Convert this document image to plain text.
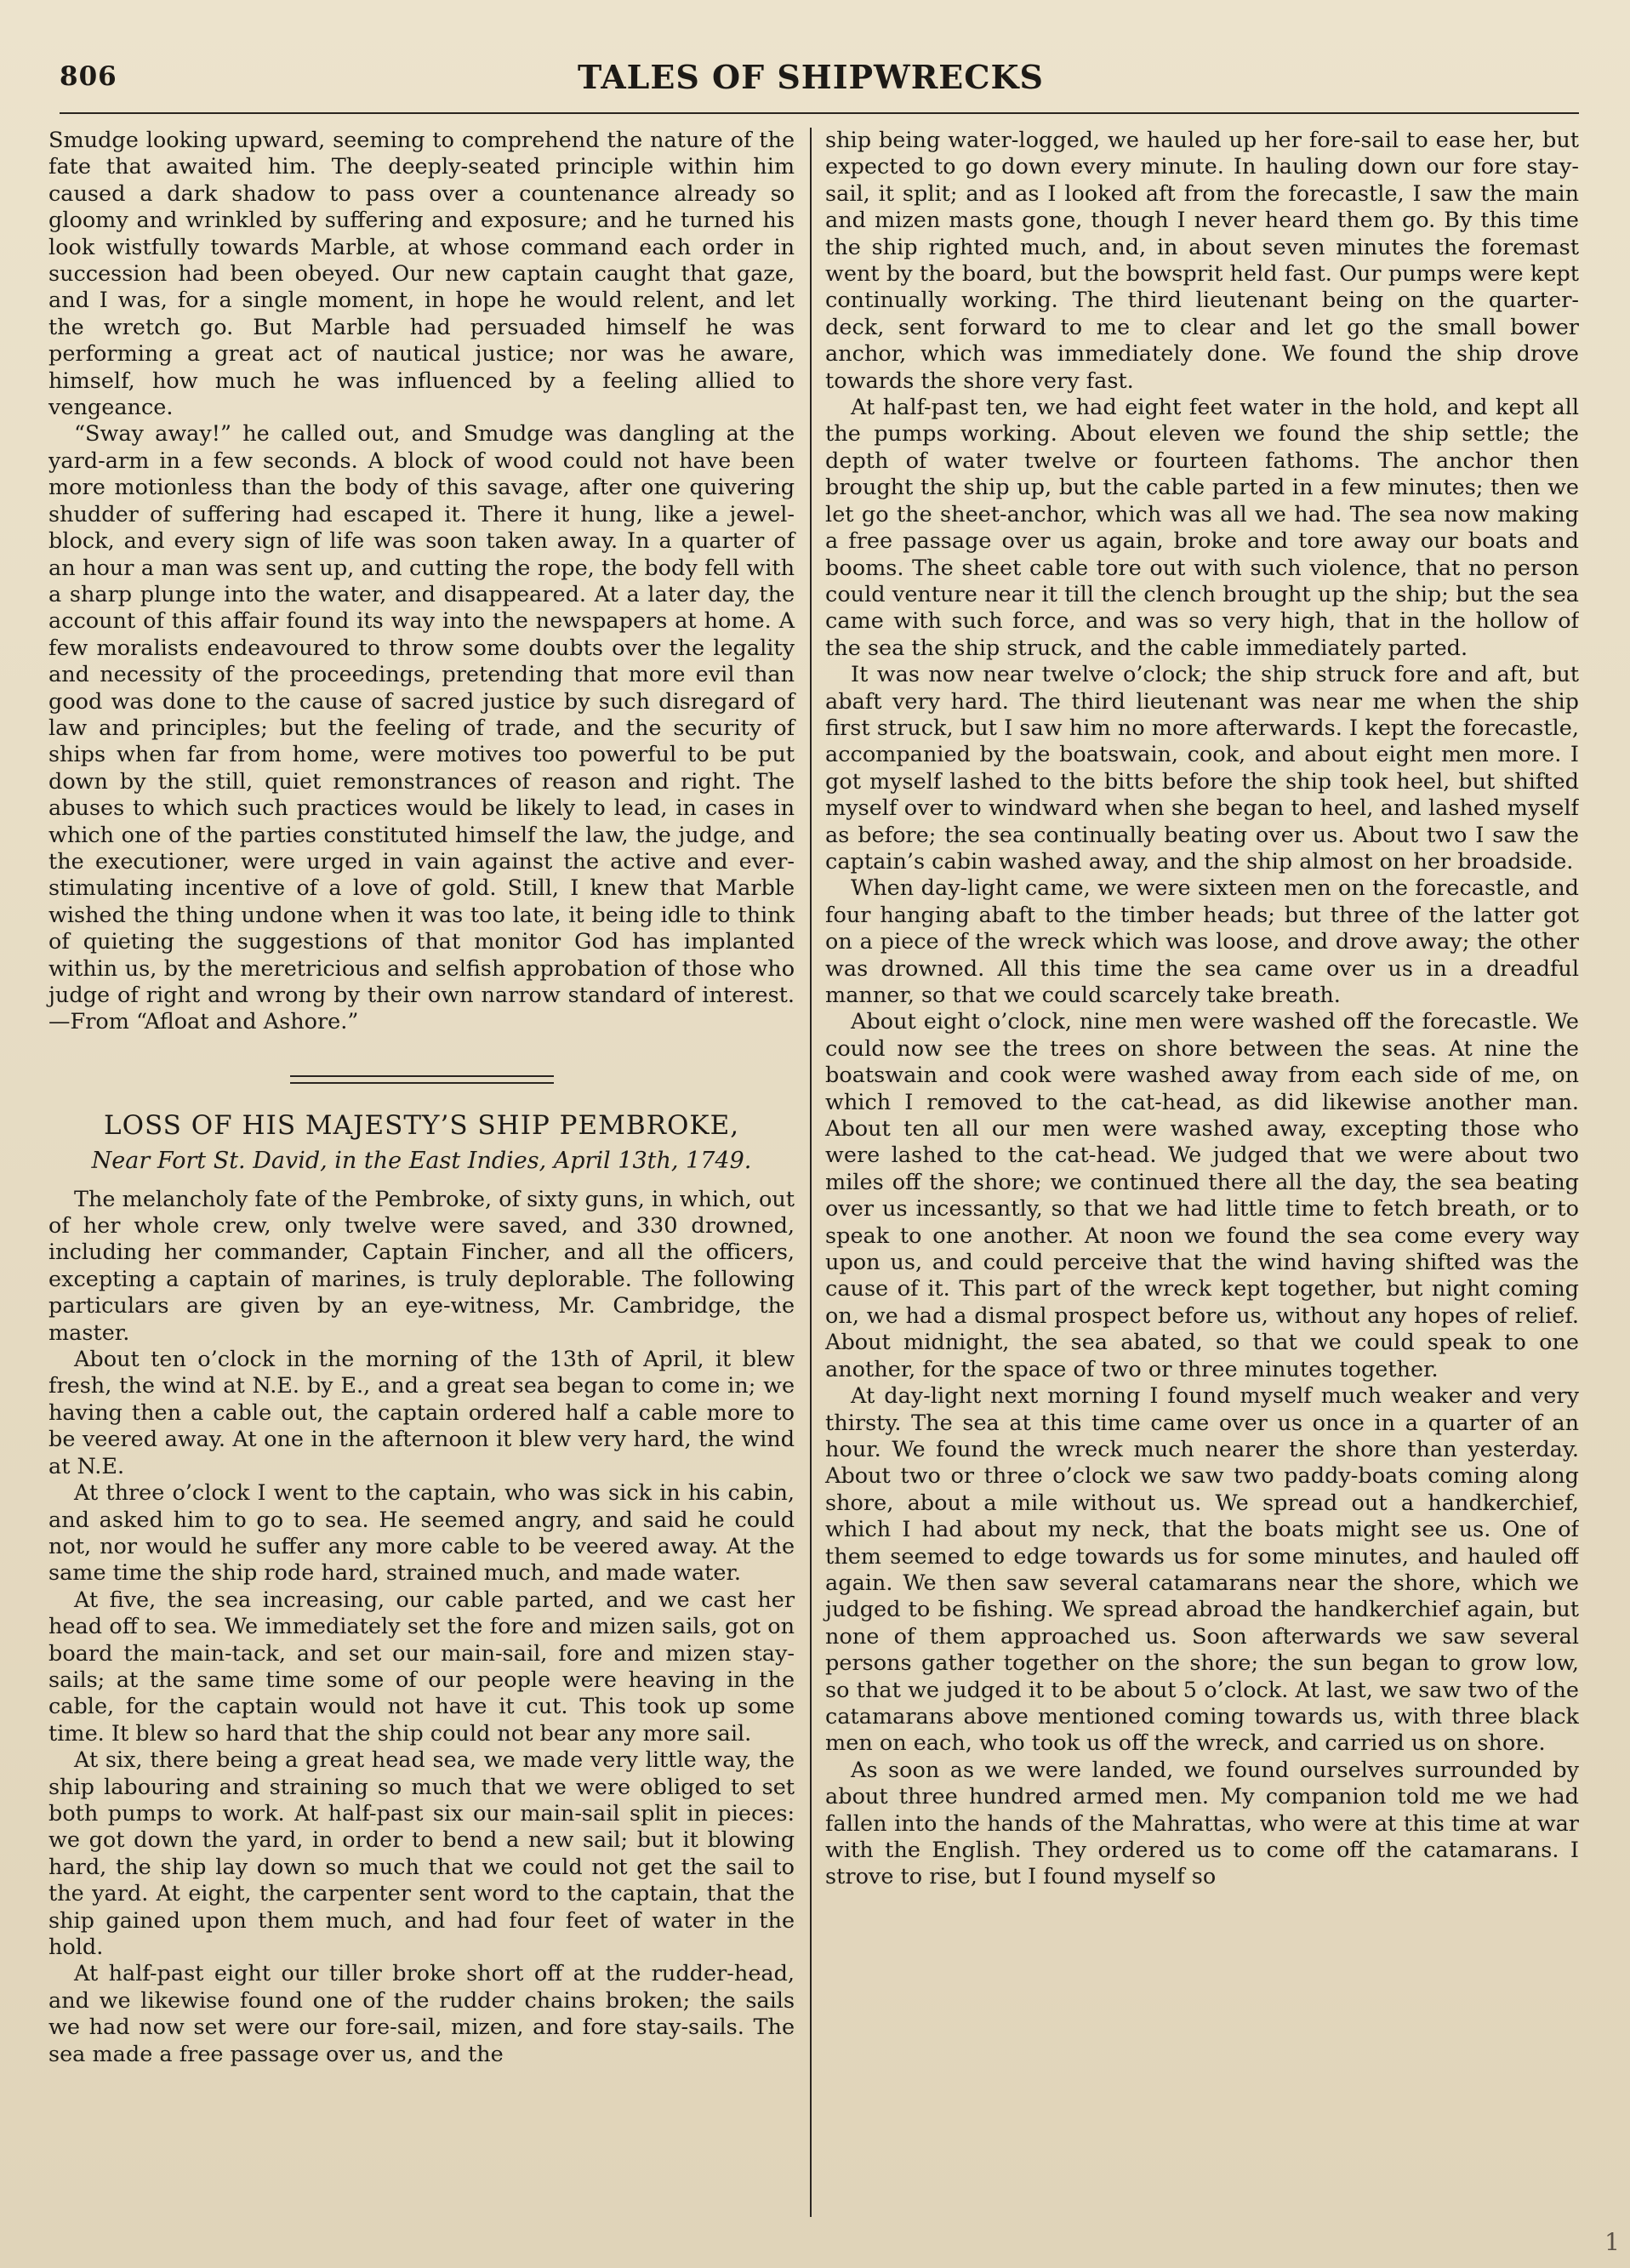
806	TALES OF SHIPWRECKS

Smudge looking upward, seeming to comprehend the nature of the fate that awaited him. The deeply-seated principle within him caused a dark shadow to pass over a countenance already so gloomy and wrinkled by suffering and exposure; and he turned his look wistfully towards Marble, at whose command each order in succession had been obeyed. Our new captain caught that gaze, and I was, for a single moment, in hope he would relent, and let the wretch go. But Marble had persuaded himself he was performing a great act of nautical justice; nor was he aware, himself, how much he was influenced by a feeling allied to vengeance.

“Sway away!” he called out, and Smudge was dangling at the yard-arm in a few seconds. A block of wood could not have been more motionless than the body of this savage, after one quivering shudder of suffering had escaped it. There it hung, like a jewel-block, and every sign of life was soon taken away. In a quarter of an hour a man was sent up, and cutting the rope, the body fell with a sharp plunge into the water, and disappeared. At a later day, the account of this affair found its way into the newspapers at home. A few moralists endeavoured to throw some doubts over the legality and necessity of the proceedings, pretending that more evil than good was done to the cause of sacred justice by such disregard of law and principles; but the feeling of trade, and the security of ships when far from home, were motives too powerful to be put down by the still, quiet remonstrances of reason and right. The abuses to which such practices would be likely to lead, in cases in which one of the parties constituted himself the law, the judge, and the executioner, were urged in vain against the active and ever-stimulating incentive of a love of gold. Still, I knew that Marble wished the thing undone when it was too late, it being idle to think of quieting the suggestions of that monitor God has implanted within us, by the meretricious and selfish approbation of those who judge of right and wrong by their own narrow standard of interest.—From “Afloat and Ashore.”

LOSS OF HIS MAJESTY’S SHIP PEMBROKE,
Near Fort St. David, in the East Indies, April 13th, 1749.

The melancholy fate of the Pembroke, of sixty guns, in which, out of her whole crew, only twelve were saved, and 330 drowned, including her commander, Captain Fincher, and all the officers, excepting a captain of marines, is truly deplorable. The following particulars are given by an eye-witness, Mr. Cambridge, the master.

About ten o’clock in the morning of the 13th of April, it blew fresh, the wind at N.E. by E., and a great sea began to come in; we having then a cable out, the captain ordered half a cable more to be veered away. At one in the afternoon it blew very hard, the wind at N.E.

At three o’clock I went to the captain, who was sick in his cabin, and asked him to go to sea. He seemed angry, and said he could not, nor would he suffer any more cable to be veered away. At the same time the ship rode hard, strained much, and made water.

At five, the sea increasing, our cable parted, and we cast her head off to sea. We immediately set the fore and mizen sails, got on board the main-tack, and set our main-sail, fore and mizen stay-sails; at the same time some of our people were heaving in the cable, for the captain would not have it cut. This took up some time. It blew so hard that the ship could not bear any more sail.

At six, there being a great head sea, we made very little way, the ship labouring and straining so much that we were obliged to set both pumps to work. At half-past six our main-sail split in pieces: we got down the yard, in order to bend a new sail; but it blowing hard, the ship lay down so much that we could not get the sail to the yard. At eight, the carpenter sent word to the captain, that the ship gained upon them much, and had four feet of water in the hold.

At half-past eight our tiller broke short off at the rudder-head, and we likewise found one of the rudder chains broken; the sails we had now set were our fore-sail, mizen, and fore stay-sails. The sea made a free passage over us, and the

ship being water-logged, we hauled up her fore-sail to ease her, but expected to go down every minute. In hauling down our fore stay-sail, it split; and as I looked aft from the forecastle, I saw the main and mizen masts gone, though I never heard them go. By this time the ship righted much, and, in about seven minutes the foremast went by the board, but the bowsprit held fast. Our pumps were kept continually working. The third lieutenant being on the quarter-deck, sent forward to me to clear and let go the small bower anchor, which was immediately done. We found the ship drove towards the shore very fast.

At half-past ten, we had eight feet water in the hold, and kept all the pumps working. About eleven we found the ship settle; the depth of water twelve or fourteen fathoms. The anchor then brought the ship up, but the cable parted in a few minutes; then we let go the sheet-anchor, which was all we had. The sea now making a free passage over us again, broke and tore away our boats and booms. The sheet cable tore out with such violence, that no person could venture near it till the clench brought up the ship; but the sea came with such force, and was so very high, that in the hollow of the sea the ship struck, and the cable immediately parted.

It was now near twelve o’clock; the ship struck fore and aft, but abaft very hard. The third lieutenant was near me when the ship first struck, but I saw him no more afterwards. I kept the forecastle, accompanied by the boatswain, cook, and about eight men more. I got myself lashed to the bitts before the ship took heel, but shifted myself over to windward when she began to heel, and lashed myself as before; the sea continually beating over us. About two I saw the captain’s cabin washed away, and the ship almost on her broadside.

When day-light came, we were sixteen men on the forecastle, and four hanging abaft to the timber heads; but three of the latter got on a piece of the wreck which was loose, and drove away; the other was drowned. All this time the sea came over us in a dreadful manner, so that we could scarcely take breath.

About eight o’clock, nine men were washed off the forecastle. We could now see the trees on shore between the seas. At nine the boatswain and cook were washed away from each side of me, on which I removed to the cat-head, as did likewise another man. About ten all our men were washed away, excepting those who were lashed to the cat-head. We judged that we were about two miles off the shore; we continued there all the day, the sea beating over us incessantly, so that we had little time to fetch breath, or to speak to one another. At noon we found the sea come every way upon us, and could perceive that the wind having shifted was the cause of it. This part of the wreck kept together, but night coming on, we had a dismal prospect before us, without any hopes of relief. About midnight, the sea abated, so that we could speak to one another, for the space of two or three minutes together.

At day-light next morning I found myself much weaker and very thirsty. The sea at this time came over us once in a quarter of an hour. We found the wreck much nearer the shore than yesterday. About two or three o’clock we saw two paddy-boats coming along shore, about a mile without us. We spread out a handkerchief, which I had about my neck, that the boats might see us. One of them seemed to edge towards us for some minutes, and hauled off again. We then saw several catamarans near the shore, which we judged to be fishing. We spread abroad the handkerchief again, but none of them approached us. Soon afterwards we saw several persons gather together on the shore; the sun began to grow low, so that we judged it to be about 5 o’clock. At last, we saw two of the catamarans above mentioned coming towards us, with three black men on each, who took us off the wreck, and carried us on shore.

As soon as we were landed, we found ourselves surrounded by about three hundred armed men. My companion told me we had fallen into the hands of the Mahrattas, who were at this time at war with the English. They ordered us to come off the catamarans. I strove to rise, but I found myself so

1
